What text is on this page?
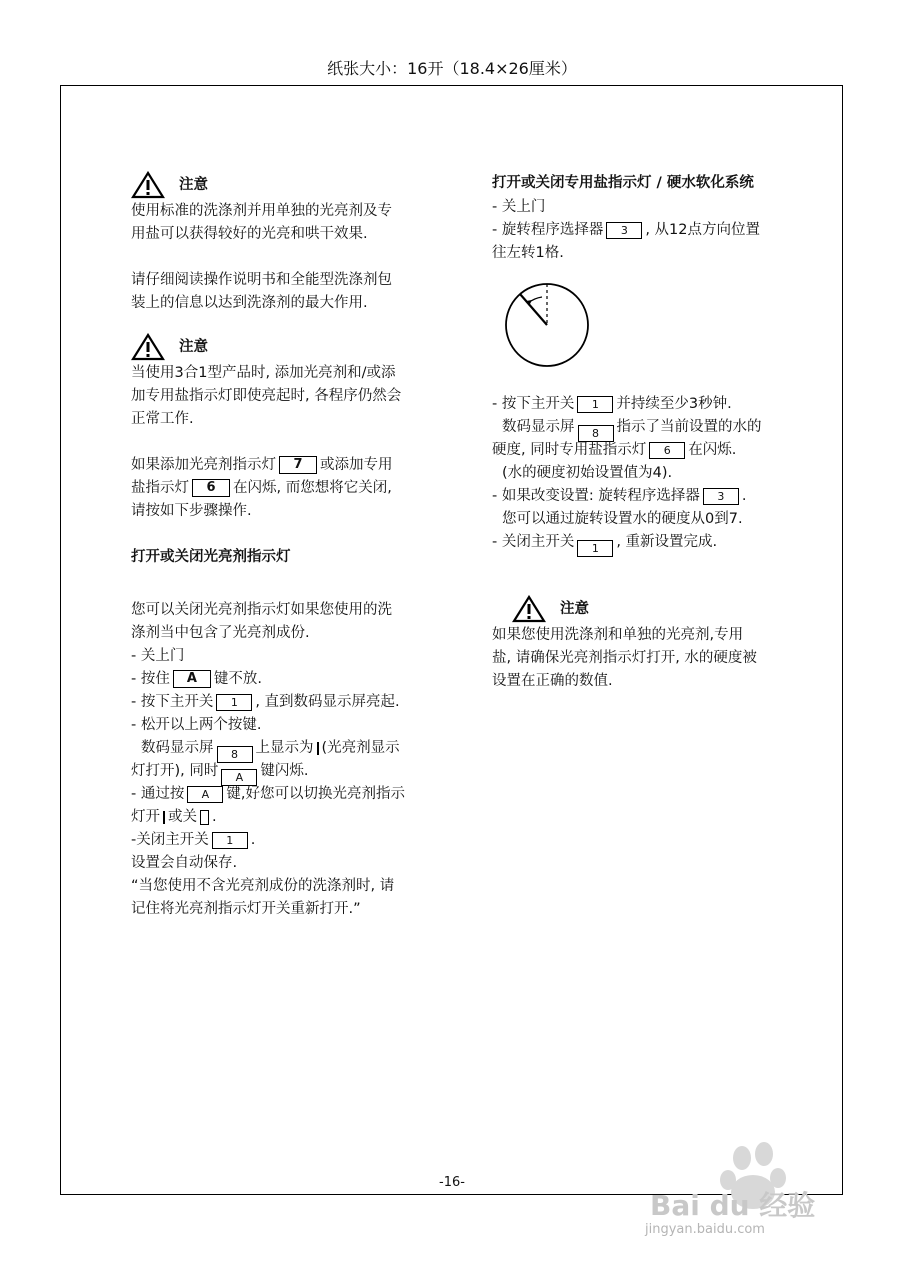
纸张大小：16开（18.4×26厘米）
注意
使用标准的洗涤剂并用单独的光亮剂及专
用盐可以获得较好的光亮和哄干效果.
请仔细阅读操作说明书和全能型洗涤剂包
装上的信息以达到洗涤剂的最大作用.
注意
当使用3合1型产品时, 添加光亮剂和/或添
加专用盐指示灯即使亮起时, 各程序仍然会
正常工作.
如果添加光亮剂指示灯 7 或添加专用
盐指示灯 6 在闪烁, 而您想将它关闭,
请按如下步骤操作.
打开或关闭光亮剂指示灯
您可以关闭光亮剂指示灯如果您使用的洗
涤剂当中包含了光亮剂成份.
- 关上门
- 按住 A 键不放.
- 按下主开关 1 , 直到数码显示屏亮起.
- 松开以上两个按键.
数码显示屏 8 上显示为 (光亮剂显示
灯打开), 同时 A 键闪烁.
- 通过按 A 键,好您可以切换光亮剂指示
灯开 或关 .
-关闭主开关 1 .
设置会自动保存.
“当您使用不含光亮剂成份的洗涤剂时, 请
记住将光亮剂指示灯开关重新打开.”
打开或关闭专用盐指示灯 / 硬水软化系统
- 关上门
- 旋转程序选择器 3 , 从12点方向位置
往左转1格.
- 按下主开关 1 并持续至少3秒钟.
数码显示屏 8 指示了当前设置的水的
硬度, 同时专用盐指示灯 6 在闪烁.
(水的硬度初始设置值为4).
- 如果改变设置: 旋转程序选择器 3 .
您可以通过旋转设置水的硬度从0到7.
- 关闭主开关 1 , 重新设置完成.
注意
如果您使用洗涤剂和单独的光亮剂,专用
盐, 请确保光亮剂指示灯打开, 水的硬度被
设置在正确的数值.
-16-
Bai du 经验
jingyan.baidu.com
